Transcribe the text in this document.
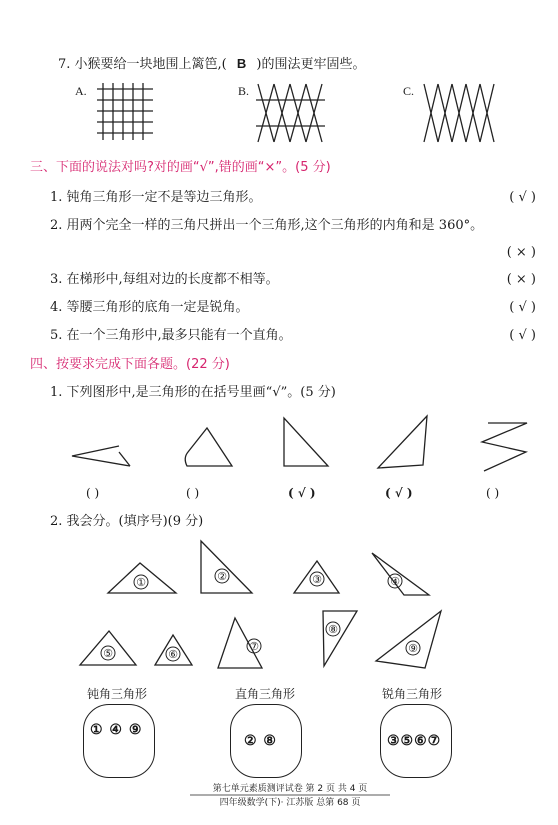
①	②	③	④
⑤	⑥
⑦
⑧
⑨
7. 小猴要给一块地围上篱笆,( B )的围法更牢固些。
A.	B.	C.
三、下面的说法对吗?对的画“√”,错的画“×”。(5 分)
1. 钝角三角形一定不是等边三角形。	( √ )
2. 用两个完全一样的三角尺拼出一个三角形,这个三角形的内角和是 360°。
( × )
3. 在梯形中,每组对边的长度都不相等。	( × )
4. 等腰三角形的底角一定是锐角。	( √ )
5. 在一个三角形中,最多只能有一个直角。	( √ )
四、按要求完成下面各题。(22 分)
1. 下列图形中,是三角形的在括号里画“√”。(5 分)
( )	( )	( √ )	( √ )	( )
2. 我会分。(填序号)(9 分)
钝角三角形	直角三角形	锐角三角形
① ④ ⑨
② ⑧	③⑤⑥⑦
第七单元素质测评试卷 第 2 页 共 4 页
四年级数学(下)· 江苏版 总第 68 页
